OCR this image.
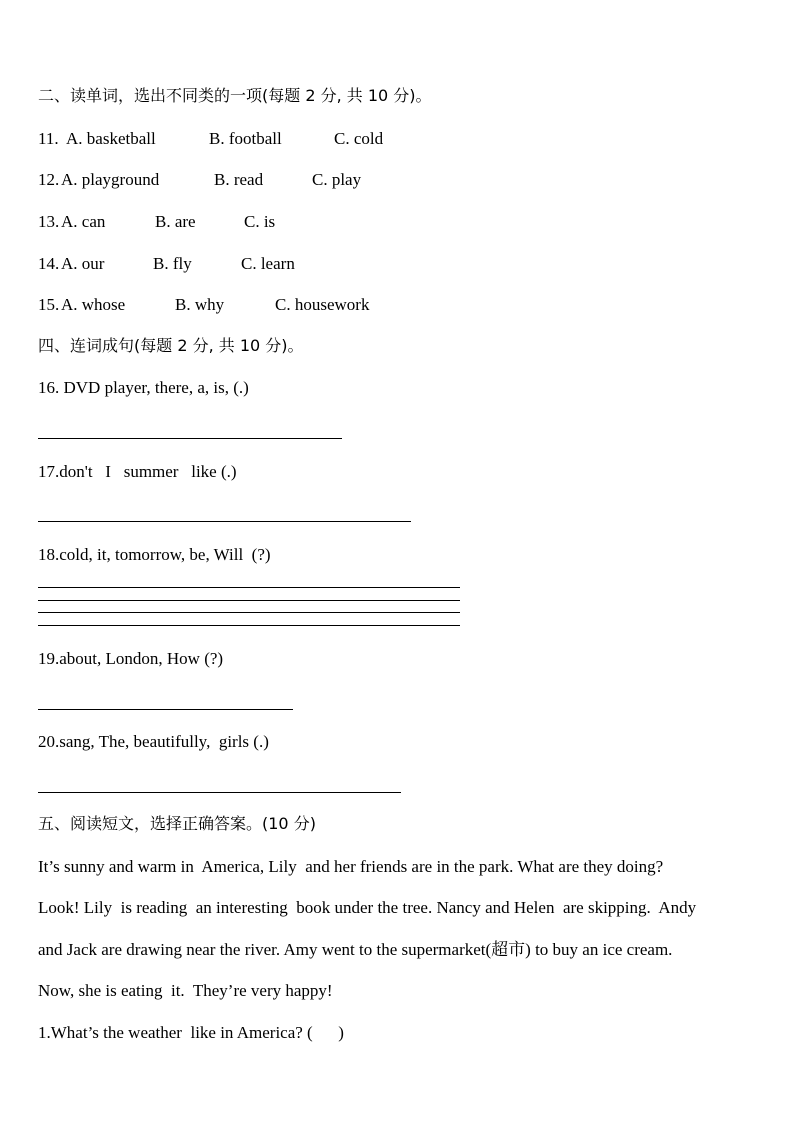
二、读单词，选出不同类的一项(每题 2 分, 共 10 分)。
11. A. basketball	B. football	C. cold
12. A. playground	B. read	C. play
13. A. can	B. are	C. is
14. A. our	B. fly	C. learn
15. A. whose	B. why	C. housework
四、连词成句(每题 2 分, 共 10 分)。
16. DVD player, there, a, is, (.)
17.don't   I   summer   like (.)
18.cold, it, tomorrow, be, Will  (?)
19.about, London, How (?)
20.sang, The, beautifully,  girls (.)
五、阅读短文，选择正确答案。(10 分)
It’s sunny and warm in  America, Lily  and her friends are in the park. What are they doing?
Look! Lily  is reading  an interesting  book under the tree. Nancy and Helen  are skipping.  Andy
and Jack are drawing near the river. Amy went to the supermarket(超市) to buy an ice cream.
Now, she is eating  it.  They’re very happy!
1.What’s the weather  like in America? (      )
